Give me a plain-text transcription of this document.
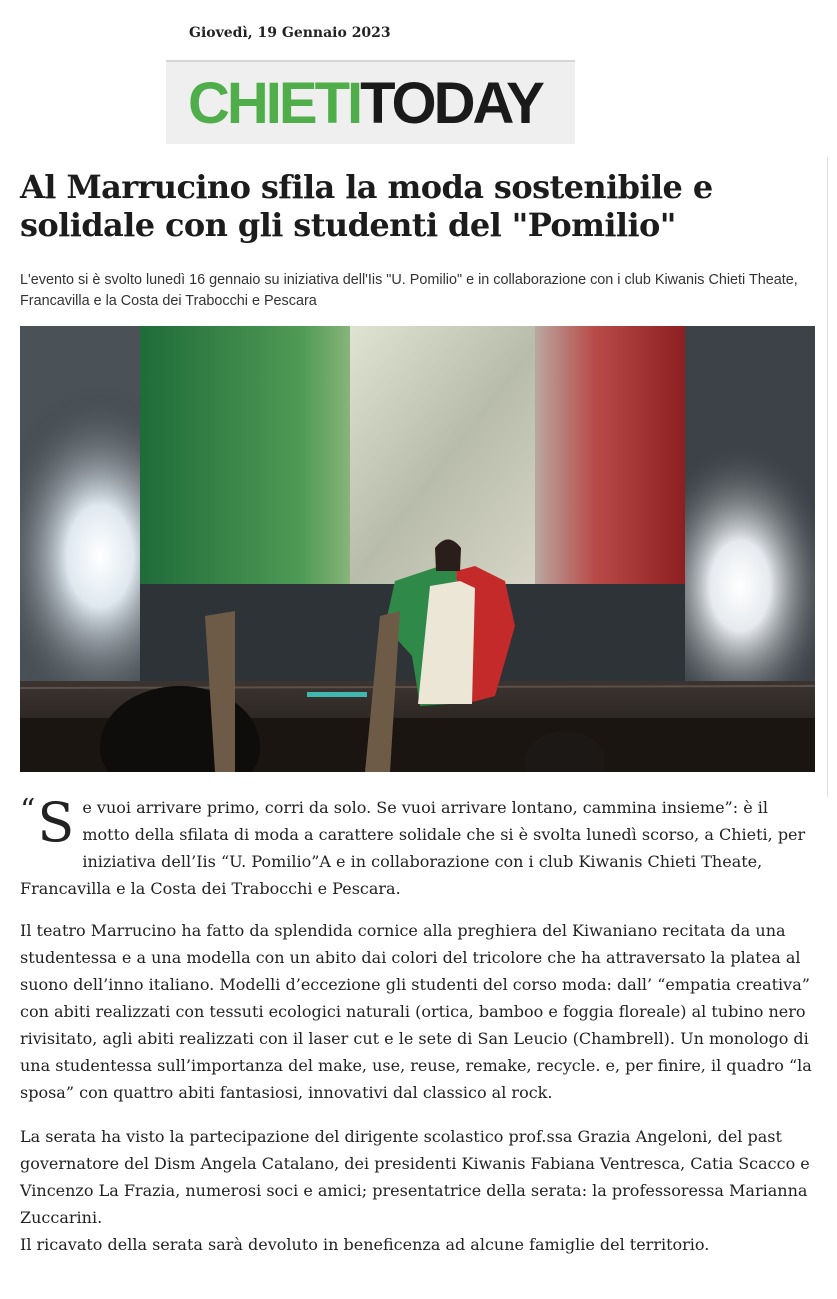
Giovedì, 19 Gennaio 2023
CHIETITODAY
Al Marrucino sfila la moda sostenibile e solidale con gli studenti del "Pomilio"

L'evento si è svolto lunedì 16 gennaio su iniziativa dell'Iis "U. Pomilio" e in collaborazione con i club Kiwanis Chieti Theate, Francavilla e la Costa dei Trabocchi e Pescara

“ S e vuoi arrivare primo, corri da solo. Se vuoi arrivare lontano, cammina insieme”: è il motto della sfilata di moda a carattere solidale che si è svolta lunedì scorso, a Chieti, per iniziativa dell’Iis “U. Pomilio”A e in collaborazione con i club Kiwanis Chieti Theate, Francavilla e la Costa dei Trabocchi e Pescara.

Il teatro Marrucino ha fatto da splendida cornice alla preghiera del Kiwaniano recitata da una studentessa e a una modella con un abito dai colori del tricolore che ha attraversato la platea al suono dell’inno italiano. Modelli d’eccezione gli studenti del corso moda: dall’ “empatia creativa” con abiti realizzati con tessuti ecologici naturali (ortica, bamboo e foggia floreale) al tubino nero rivisitato, agli abiti realizzati con il laser cut e le sete di San Leucio (Chambrell). Un monologo di una studentessa sull’importanza del make, use, reuse, remake, recycle. e, per finire, il quadro “la sposa” con quattro abiti fantasiosi, innovativi dal classico al rock.

La serata ha visto la partecipazione del dirigente scolastico prof.ssa Grazia Angeloni, del past governatore del Dism Angela Catalano, dei presidenti Kiwanis Fabiana Ventresca, Catia Scacco e Vincenzo La Frazia, numerosi soci e amici; presentatrice della serata: la professoressa Marianna Zuccarini.
Il ricavato della serata sarà devoluto in beneficenza ad alcune famiglie del territorio.
